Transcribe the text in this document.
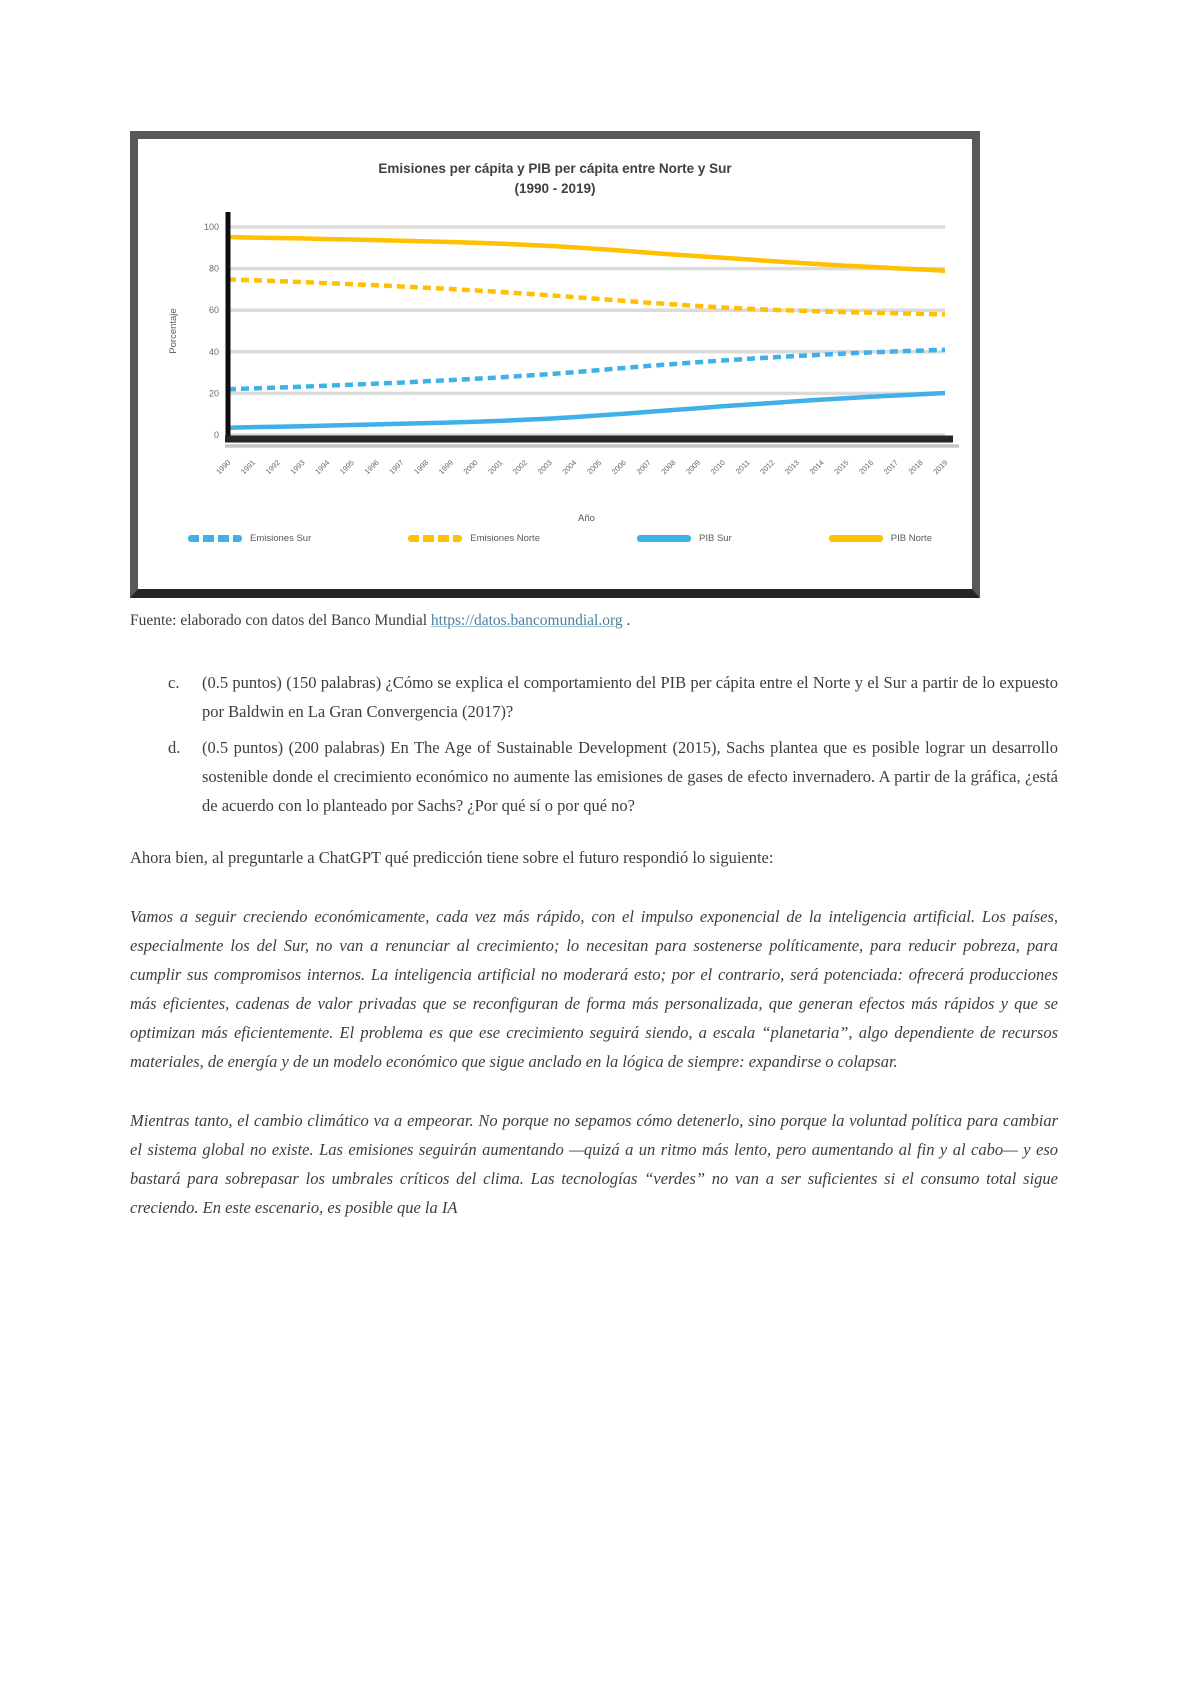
Emisiones per cápita y PIB per cápita entre Norte y Sur
(1990 - 2019)
0
20
40
60
80
100
Porcentaje
1990 1991 1992 1993 1994 1995 1996 1997 1998 1999 2000 2001 2002 2003 2004 2005 2006 2007 2008 2009 2010 2011 2012 2013 2014 2015 2016 2017 2018 2019
Año
Emisiones Sur	Emisiones Norte	PIB Sur	PIB Norte

Fuente: elaborado con datos del Banco Mundial https://datos.bancomundial.org .

c.	(0.5 puntos) (150 palabras) ¿Cómo se explica el comportamiento del PIB per cápita entre el Norte y el Sur a partir de lo expuesto por Baldwin en La Gran Convergencia (2017)?
d.	(0.5 puntos) (200 palabras) En The Age of Sustainable Development (2015), Sachs plantea que es posible lograr un desarrollo sostenible donde el crecimiento económico no aumente las emisiones de gases de efecto invernadero. A partir de la gráfica, ¿está de acuerdo con lo planteado por Sachs? ¿Por qué sí o por qué no?

Ahora bien, al preguntarle a ChatGPT qué predicción tiene sobre el futuro respondió lo siguiente:

Vamos a seguir creciendo económicamente, cada vez más rápido, con el impulso exponencial de la inteligencia artificial. Los países, especialmente los del Sur, no van a renunciar al crecimiento; lo necesitan para sostenerse políticamente, para reducir pobreza, para cumplir sus compromisos internos. La inteligencia artificial no moderará esto; por el contrario, será potenciada: ofrecerá producciones más eficientes, cadenas de valor privadas que se reconfiguran de forma más personalizada, que generan efectos más rápidos y que se optimizan más eficientemente. El problema es que ese crecimiento seguirá siendo, a escala “planetaria”, algo dependiente de recursos materiales, de energía y de un modelo económico que sigue anclado en la lógica de siempre: expandirse o colapsar.

Mientras tanto, el cambio climático va a empeorar. No porque no sepamos cómo detenerlo, sino porque la voluntad política para cambiar el sistema global no existe. Las emisiones seguirán aumentando —quizá a un ritmo más lento, pero aumentando al fin y al cabo— y eso bastará para sobrepasar los umbrales críticos del clima. Las tecnologías “verdes” no van a ser suficientes si el consumo total sigue creciendo. En este escenario, es posible que la IA
